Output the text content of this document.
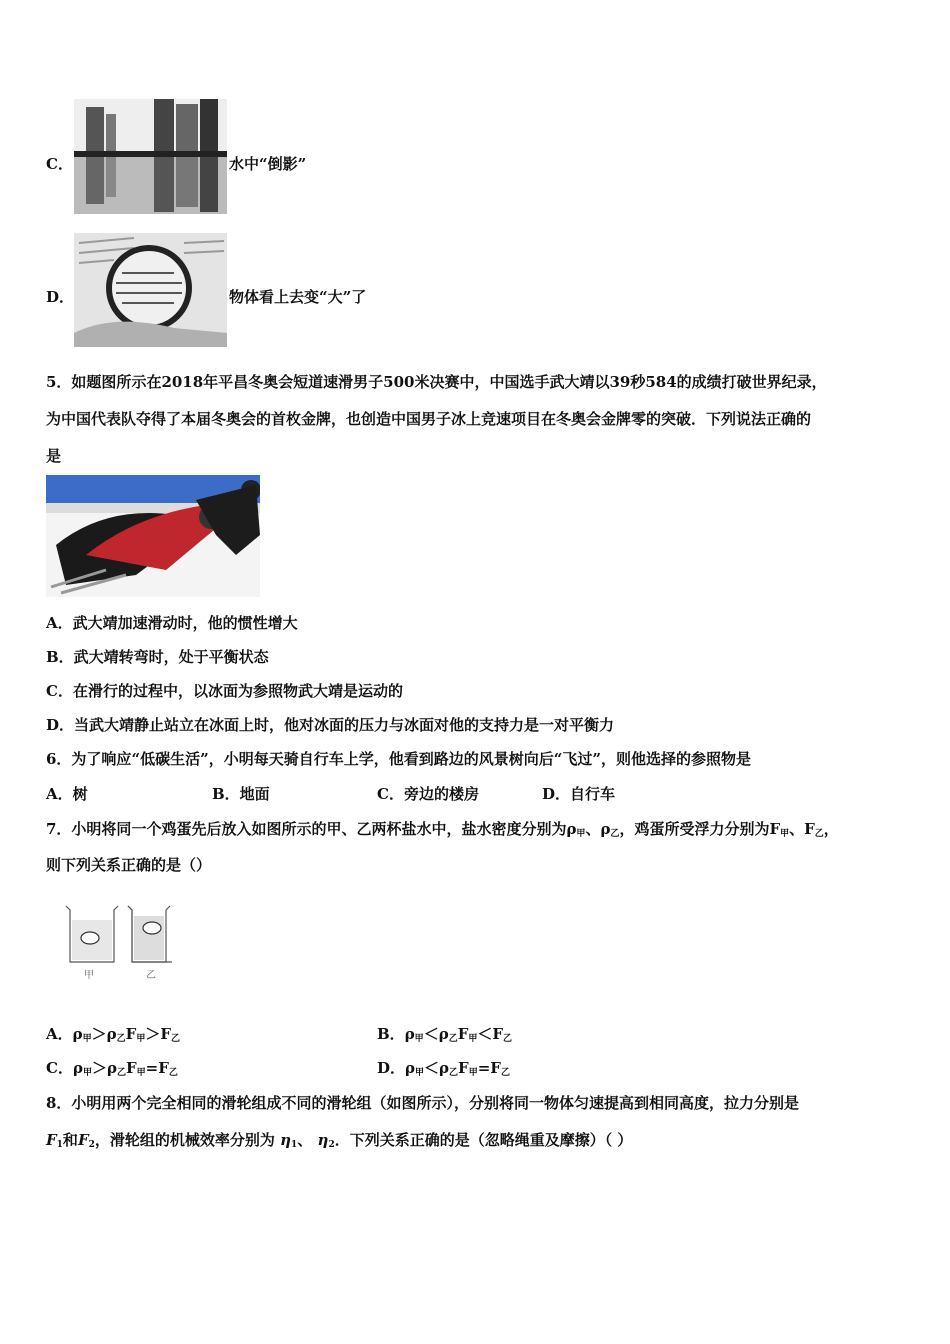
C．	水中“倒影”
D．	物体看上去变“大”了
5．如题图所示在2018年平昌冬奥会短道速滑男子500米决赛中，中国选手武大靖以39秒584的成绩打破世界纪录，
为中国代表队夺得了本届冬奥会的首枚金牌，也创造中国男子冰上竞速项目在冬奥会金牌零的突破．下列说法正确的
是
A．武大靖加速滑动时，他的惯性增大
B．武大靖转弯时，处于平衡状态
C．在滑行的过程中，以冰面为参照物武大靖是运动的
D．当武大靖静止站立在冰面上时，他对冰面的压力与冰面对他的支持力是一对平衡力
6．为了响应“低碳生活”，小明每天骑自行车上学，他看到路边的风景树向后“飞过”，则他选择的参照物是
A．树	B．地面	C．旁边的楼房	D．自行车
7．小明将同一个鸡蛋先后放入如图所示的甲、乙两杯盐水中，盐水密度分别为$\rho_甲$、$\rho_乙$，鸡蛋所受浮力分别为$F_甲$、$F_乙$，
则下列关系正确的是（）
甲	乙
A．$\rho_甲>\rho_乙F_甲>F_乙$	B．$\rho_甲<\rho_乙F_甲<F_乙$
C．$\rho_甲>\rho_乙F_甲=F_乙$	D．$\rho_甲<\rho_乙F_甲=F_乙$
8．小明用两个完全相同的滑轮组成不同的滑轮组（如图所示），分别将同一物体匀速提高到相同高度，拉力分别是
$F_1$和$F_2$，滑轮组的机械效率分别为 $\eta_1$、 $\eta_2$．下列关系正确的是（忽略绳重及摩擦）（ ）
